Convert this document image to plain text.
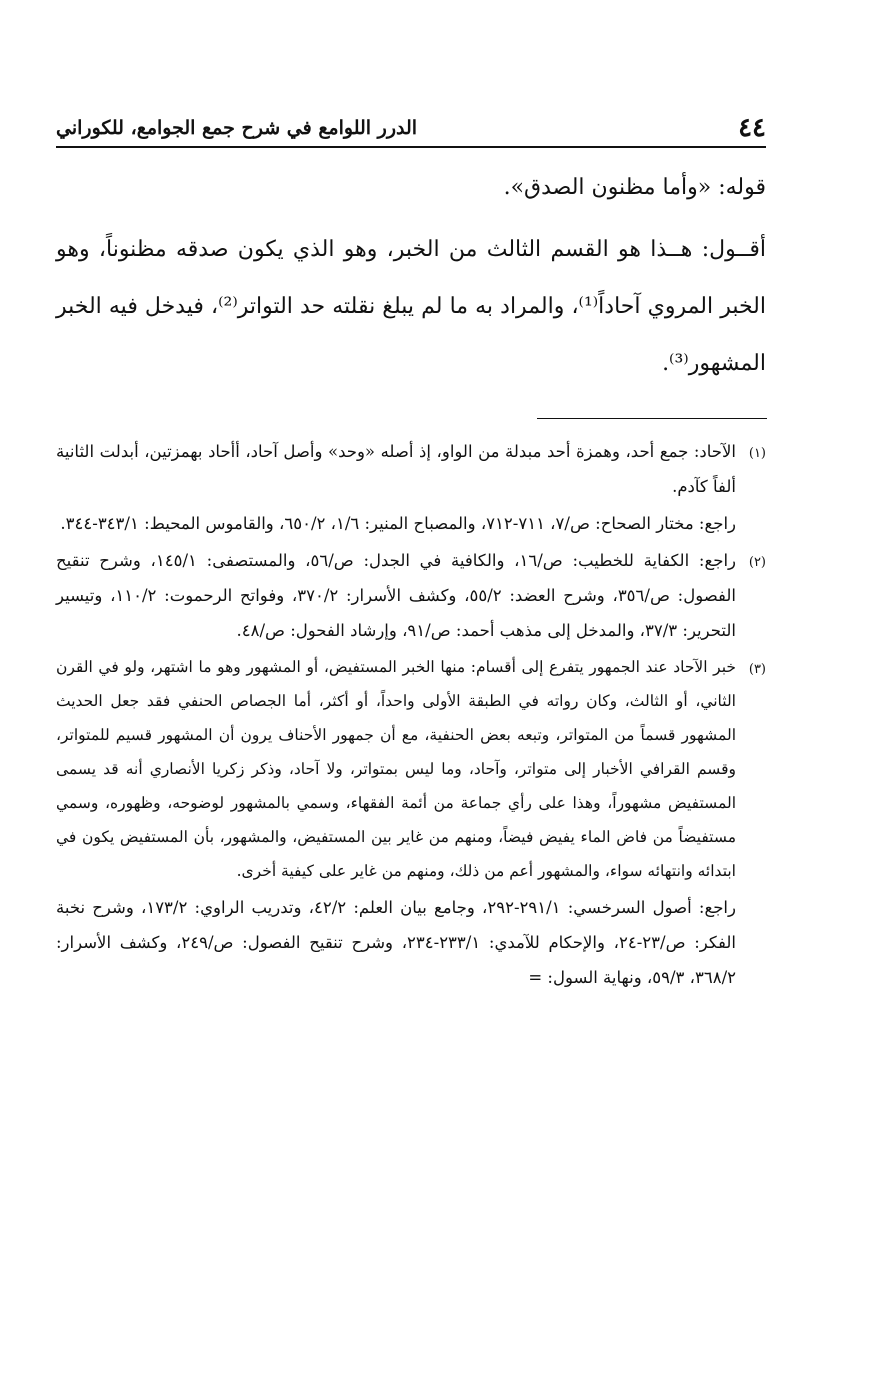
٤٤
الدرر اللوامع في شرح جمع الجوامع، للكوراني

قوله: «وأما مظنون الصدق».

أقــول: هــذا هو القسم الثالث من الخبر، وهو الذي يكون صدقه مظنوناً، وهو الخبر المروي آحاداً⁽¹⁾، والمراد به ما لم يبلغ نقلته حد التواتر⁽²⁾، فيدخل فيه الخبر المشهور⁽³⁾.

(١)

الآحاد: جمع أحد، وهمزة أحد مبدلة من الواو، إذ أصله «وحد» وأصل آحاد، أأحاد بهمزتين، أبدلت الثانية ألفاً كآدم.

راجع: مختار الصحاح: ص/٧، ٧١١-٧١٢، والمصباح المنير: ١/٦، ٦٥٠/٢، والقاموس المحيط: ٣٤٣/١-٣٤٤.

(٢)

راجع: الكفاية للخطيب: ص/١٦، والكافية في الجدل: ص/٥٦، والمستصفى: ١٤٥/١، وشرح تنقيح الفصول: ص/٣٥٦، وشرح العضد: ٥٥/٢، وكشف الأسرار: ٣٧٠/٢، وفواتح الرحموت: ١١٠/٢، وتيسير التحرير: ٣٧/٣، والمدخل إلى مذهب أحمد: ص/٩١، وإرشاد الفحول: ص/٤٨.

(٣)

خبر الآحاد عند الجمهور يتفرع إلى أقسام: منها الخبر المستفيض، أو المشهور وهو ما اشتهر، ولو في القرن الثاني، أو الثالث، وكان رواته في الطبقة الأولى واحداً، أو أكثر، أما الجصاص الحنفي فقد جعل الحديث المشهور قسماً من المتواتر، وتبعه بعض الحنفية، مع أن جمهور الأحناف يرون أن المشهور قسيم للمتواتر، وقسم القرافي الأخبار إلى متواتر، وآحاد، وما ليس بمتواتر، ولا آحاد، وذكر زكريا الأنصاري أنه قد يسمى المستفيض مشهوراً، وهذا على رأي جماعة من أئمة الفقهاء، وسمي بالمشهور لوضوحه، وظهوره، وسمي مستفيضاً من فاض الماء يفيض فيضاً، ومنهم من غاير بين المستفيض، والمشهور، بأن المستفيض يكون في ابتدائه وانتهائه سواء، والمشهور أعم من ذلك، ومنهم من غاير على كيفية أخرى.

راجع: أصول السرخسي: ٢٩١/١-٢٩٢، وجامع بيان العلم: ٤٢/٢، وتدريب الراوي: ١٧٣/٢، وشرح نخبة الفكر: ص/٢٣-٢٤، والإحكام للآمدي: ٢٣٣/١-٢٣٤، وشرح تنقيح الفصول: ص/٢٤٩، وكشف الأسرار: ٣٦٨/٢، ٥٩/٣، ونهاية السول: =
